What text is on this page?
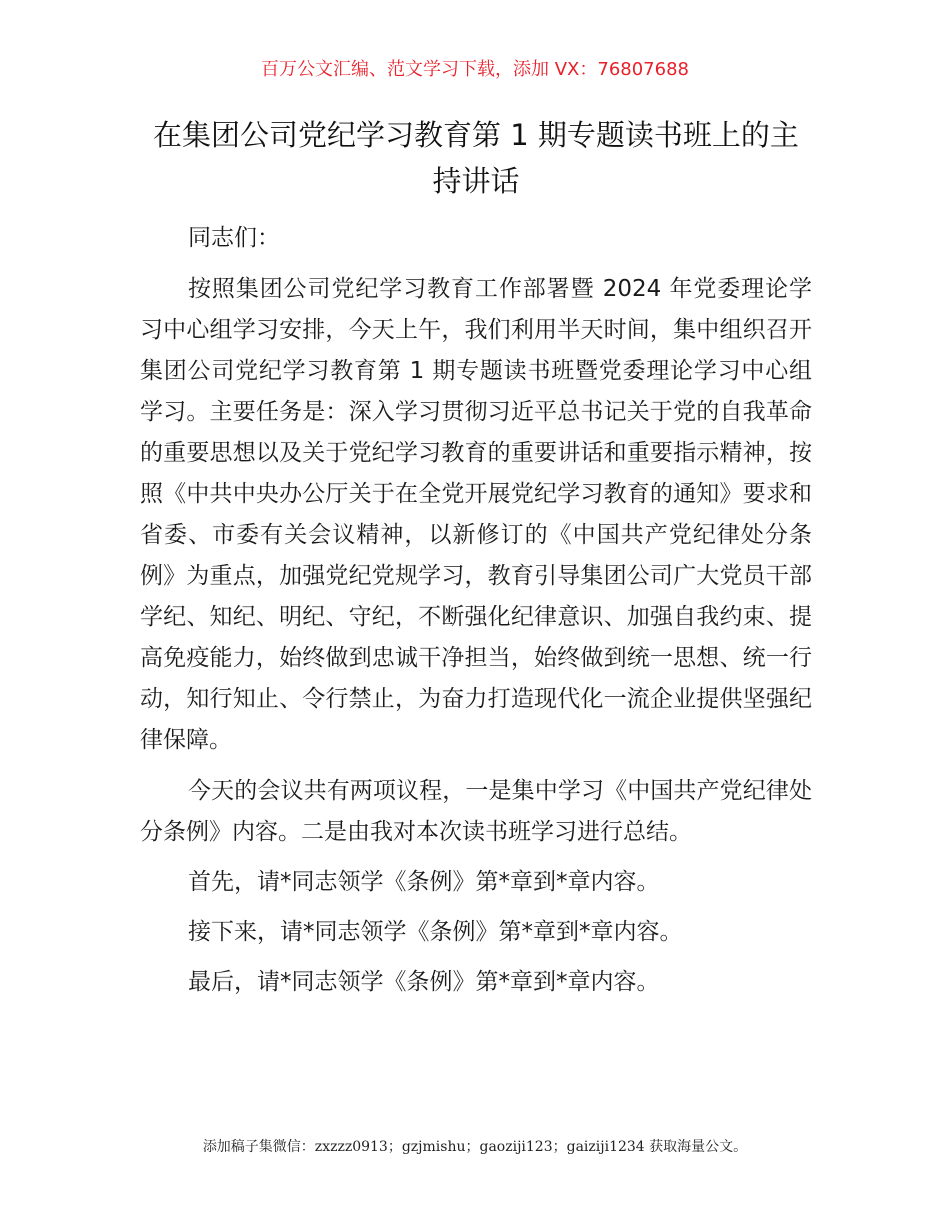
百万公文汇编、范文学习下载，添加 VX：76807688
在集团公司党纪学习教育第 1 期专题读书班上的主持讲话

同志们：

按照集团公司党纪学习教育工作部署暨 2024 年党委理论学习中心组学习安排，今天上午，我们利用半天时间，集中组织召开集团公司党纪学习教育第 1 期专题读书班暨党委理论学习中心组学习。主要任务是：深入学习贯彻习近平总书记关于党的自我革命的重要思想以及关于党纪学习教育的重要讲话和重要指示精神，按照《中共中央办公厅关于在全党开展党纪学习教育的通知》要求和省委、市委有关会议精神，以新修订的《中国共产党纪律处分条例》为重点，加强党纪党规学习，教育引导集团公司广大党员干部学纪、知纪、明纪、守纪，不断强化纪律意识、加强自我约束、提高免疫能力，始终做到忠诚干净担当，始终做到统一思想、统一行动，知行知止、令行禁止，为奋力打造现代化一流企业提供坚强纪律保障。

今天的会议共有两项议程，一是集中学习《中国共产党纪律处分条例》内容。二是由我对本次读书班学习进行总结。

首先，请*同志领学《条例》第*章到*章内容。

接下来，请*同志领学《条例》第*章到*章内容。

最后，请*同志领学《条例》第*章到*章内容。

添加稿子集微信：zxzzz0913；gzjmishu；gaoziji123；gaiziji1234 获取海量公文。
